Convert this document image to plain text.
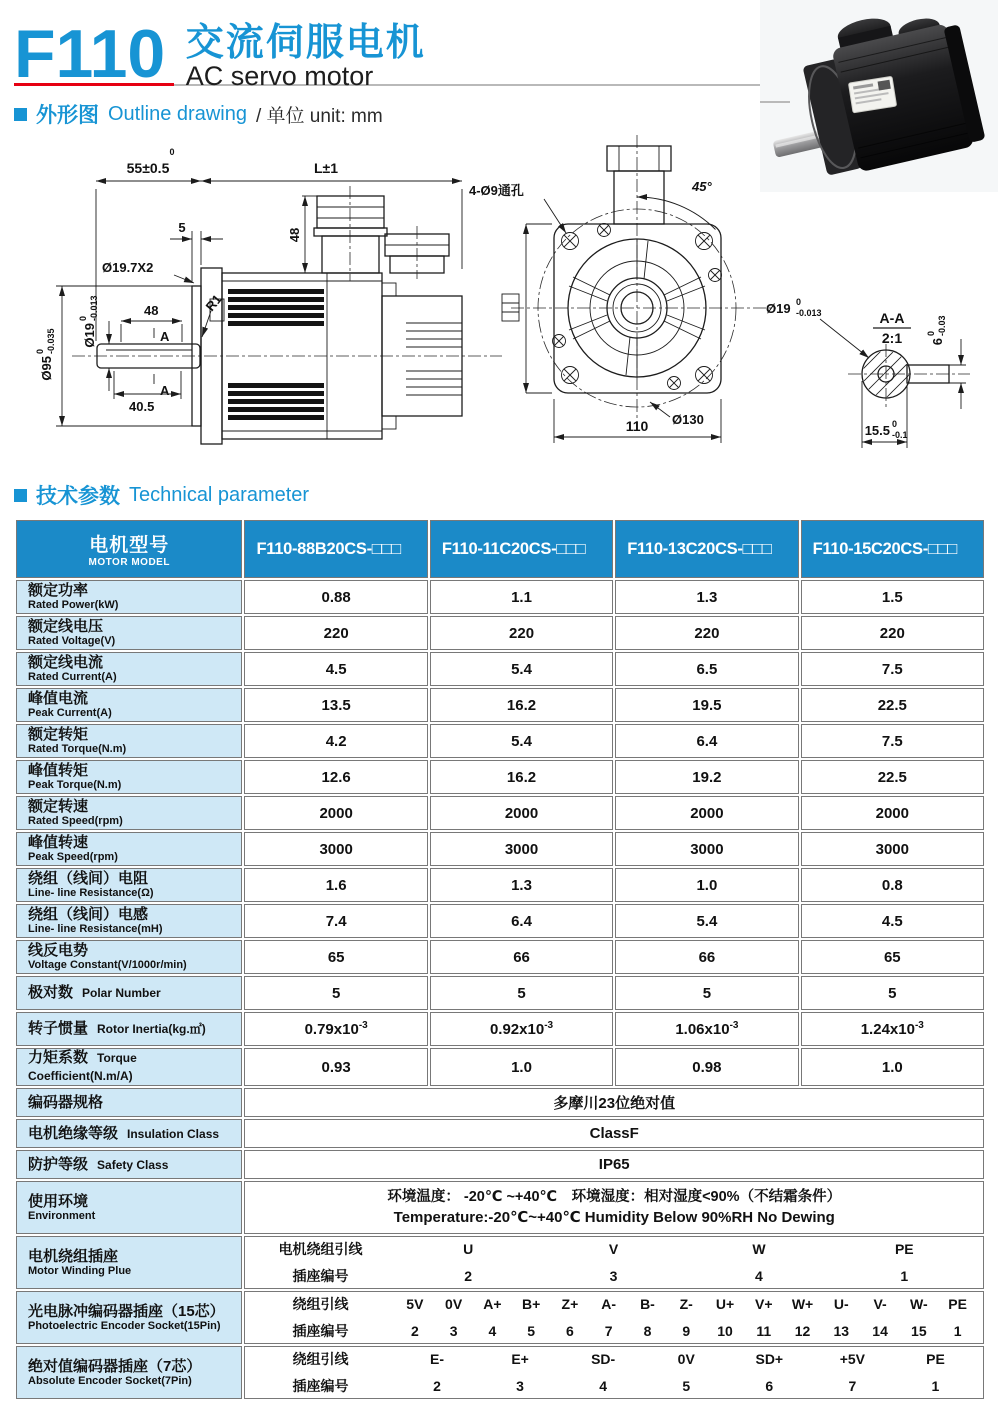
F110 交流伺服电机
AC servo motor
外形图 Outline drawing / 单位 unit: mm
0
55±0.5	L±1
48
5
Ø19.7X2
48
A
A
40.5
Ø95
0 -0.035 Ø19
0 -0.013	R1
4-Ø9通孔	45°
Ø130
110
A-A
2:1
Ø19 0
-0.013
6
0 -0.03
15.5 0
-0.1
技术参数 Technical parameter
电机型号
MOTOR MODEL	F110-88B20CS-□□□	F110-11C20CS-□□□	F110-13C20CS-□□□	F110-15C20CS-□□□

额定功率
Rated Power(kW)	0.88	1.1	1.3	1.5

额定线电压
Rated Voltage(V)	220	220	220	220

额定线电流
Rated Current(A)	4.5	5.4	6.5	7.5

峰值电流
Peak Current(A)	13.5	16.2	19.5	22.5

额定转矩
Rated Torque(N.m)	4.2	5.4	6.4	7.5

峰值转矩
Peak Torque(N.m)	12.6	16.2	19.2	22.5

额定转速
Rated Speed(rpm)	2000	2000	2000	2000

峰值转速
Peak Speed(rpm)	3000	3000	3000	3000

绕组（线间）电阻
Line- line Resistance(Ω)	1.6	1.3	1.0	0.8

绕组（线间）电感
Line- line Resistance(mH)	7.4	6.4	5.4	4.5

线反电势
Voltage Constant(V/1000r/min)	65	66	66	65
极对数 Polar Number	5	5	5	5
转子惯量 Rotor Inertia(kg.㎡)	$0.79x10^{-3}$	$0.92x10^{-3}$	$1.06x10^{-3}$	$1.24x10^{-3}$
力矩系数 Torque Coefficient(N.m/A)	0.93	1.0	0.98	1.0

编码器规格	多摩川23位绝对值			
电机绝缘等级 Insulation Class	ClassF			
防护等级 Safety Class	IP65			

使用环境
Environment

环境温度： -20℃ ~+40℃　环境湿度：相对湿度<90%（不结霜条件）
Temperature:-20℃~+40℃ Humidity Below 90%RH No Dewing

电机绕组插座
Motor Winding Plue

电机绕组引线	U	V	W	PE
插座编号	2	3	4	1

光电脉冲编码器插座（15芯）
Photoelectric Encoder Socket(15Pin)

绕组引线	5V	0V	A+	B+	Z+	A-	B-	Z-	U+	V+	W+	U-	V-	W-	PE
插座编号	2	3	4	5	6	7	8	9	10	11	12	13	14	15	1

绝对值编码器插座（7芯）
Absolute Encoder Socket(7Pin)

绕组引线	E-	E+	SD-	0V	SD+	+5V	PE
插座编号	2	3	4	5	6	7	1
